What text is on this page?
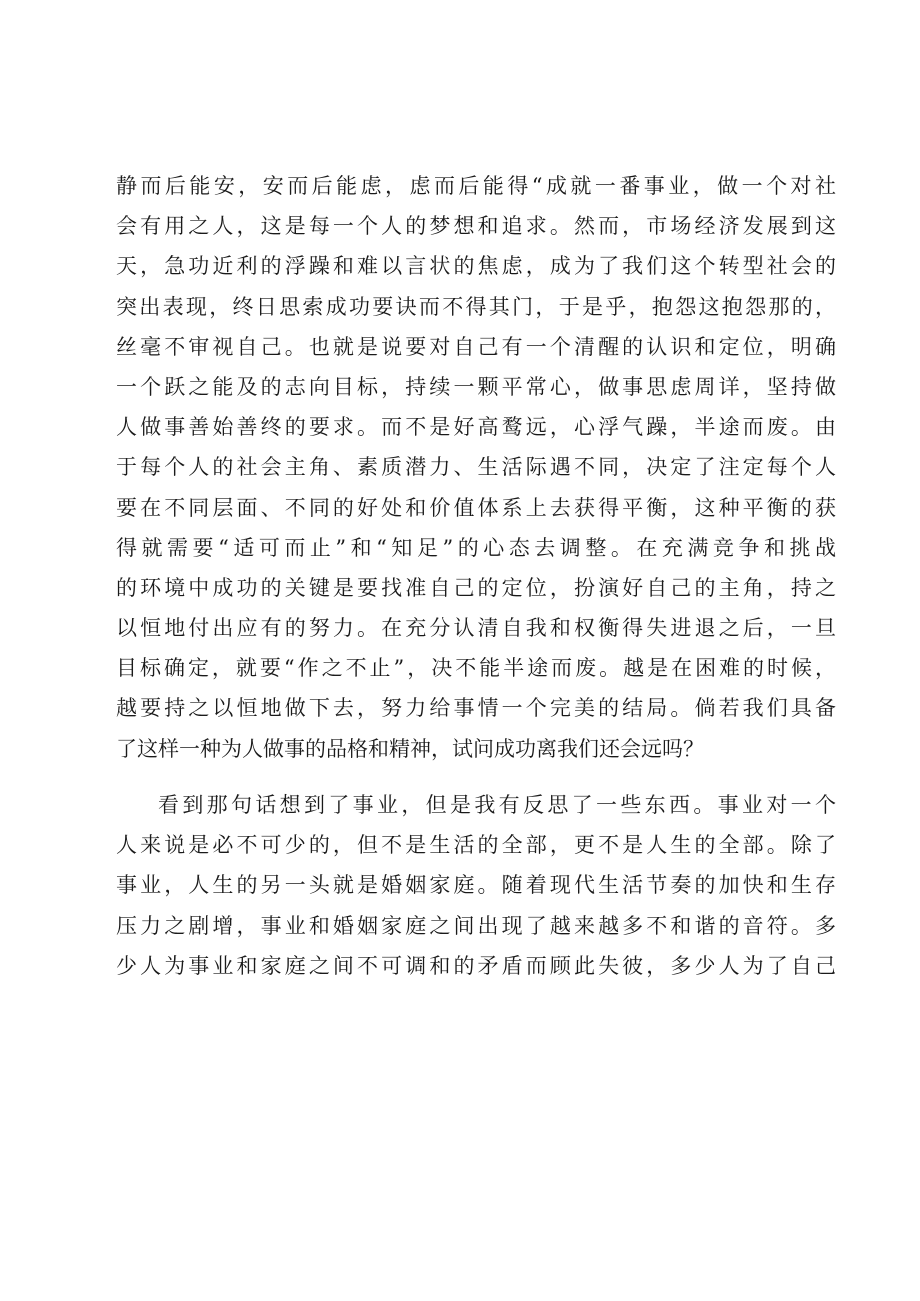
静而后能安，安而后能虑，虑而后能得“成就一番事业，做一个对社
会有用之人，这是每一个人的梦想和追求。然而，市场经济发展到这
天，急功近利的浮躁和难以言状的焦虑，成为了我们这个转型社会的
突出表现，终日思索成功要诀而不得其门，于是乎，抱怨这抱怨那的，
丝毫不审视自己。也就是说要对自己有一个清醒的认识和定位，明确
一个跃之能及的志向目标，持续一颗平常心，做事思虑周详，坚持做
人做事善始善终的要求。而不是好高鹜远，心浮气躁，半途而废。由
于每个人的社会主角、素质潜力、生活际遇不同，决定了注定每个人
要在不同层面、不同的好处和价值体系上去获得平衡，这种平衡的获
得就需要“适可而止”和“知足”的心态去调整。在充满竞争和挑战
的环境中成功的关键是要找准自己的定位，扮演好自己的主角，持之
以恒地付出应有的努力。在充分认清自我和权衡得失进退之后，一旦
目标确定，就要“作之不止”，决不能半途而废。越是在困难的时候，
越要持之以恒地做下去，努力给事情一个完美的结局。倘若我们具备
了这样一种为人做事的品格和精神，试问成功离我们还会远吗？
看到那句话想到了事业，但是我有反思了一些东西。事业对一个
人来说是必不可少的，但不是生活的全部，更不是人生的全部。除了
事业，人生的另一头就是婚姻家庭。随着现代生活节奏的加快和生存
压力之剧增，事业和婚姻家庭之间出现了越来越多不和谐的音符。多
少人为事业和家庭之间不可调和的矛盾而顾此失彼，多少人为了自己
